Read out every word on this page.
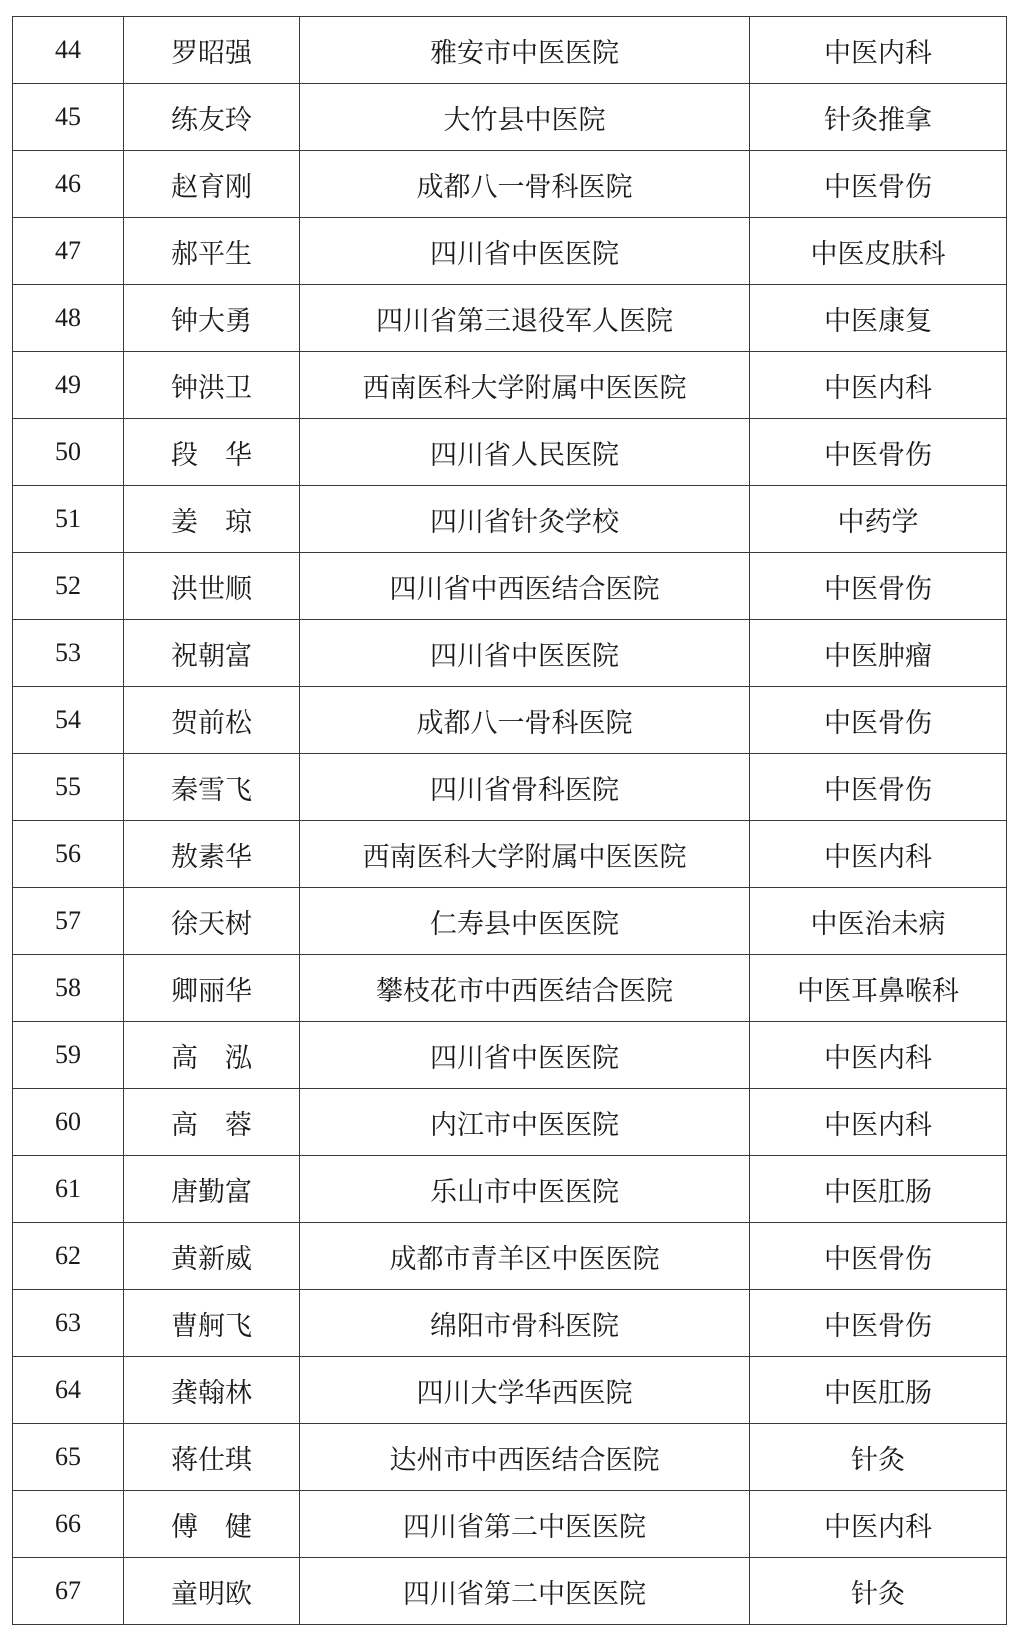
44	罗昭强	雅安市中医医院	中医内科
45	练友玲	大竹县中医院	针灸推拿
46	赵育刚	成都八一骨科医院	中医骨伤
47	郝平生	四川省中医医院	中医皮肤科
48	钟大勇	四川省第三退役军人医院	中医康复
49	钟洪卫	西南医科大学附属中医医院	中医内科
50	段　华	四川省人民医院	中医骨伤
51	姜　琼	四川省针灸学校	中药学
52	洪世顺	四川省中西医结合医院	中医骨伤
53	祝朝富	四川省中医医院	中医肿瘤
54	贺前松	成都八一骨科医院	中医骨伤
55	秦雪飞	四川省骨科医院	中医骨伤
56	敖素华	西南医科大学附属中医医院	中医内科
57	徐天树	仁寿县中医医院	中医治未病
58	卿丽华	攀枝花市中西医结合医院	中医耳鼻喉科
59	高　泓	四川省中医医院	中医内科
60	高　蓉	内江市中医医院	中医内科
61	唐勤富	乐山市中医医院	中医肛肠
62	黄新威	成都市青羊区中医医院	中医骨伤
63	曹舸飞	绵阳市骨科医院	中医骨伤
64	龚翰林	四川大学华西医院	中医肛肠
65	蒋仕琪	达州市中西医结合医院	针灸
66	傅　健	四川省第二中医医院	中医内科
67	童明欧	四川省第二中医医院	针灸
